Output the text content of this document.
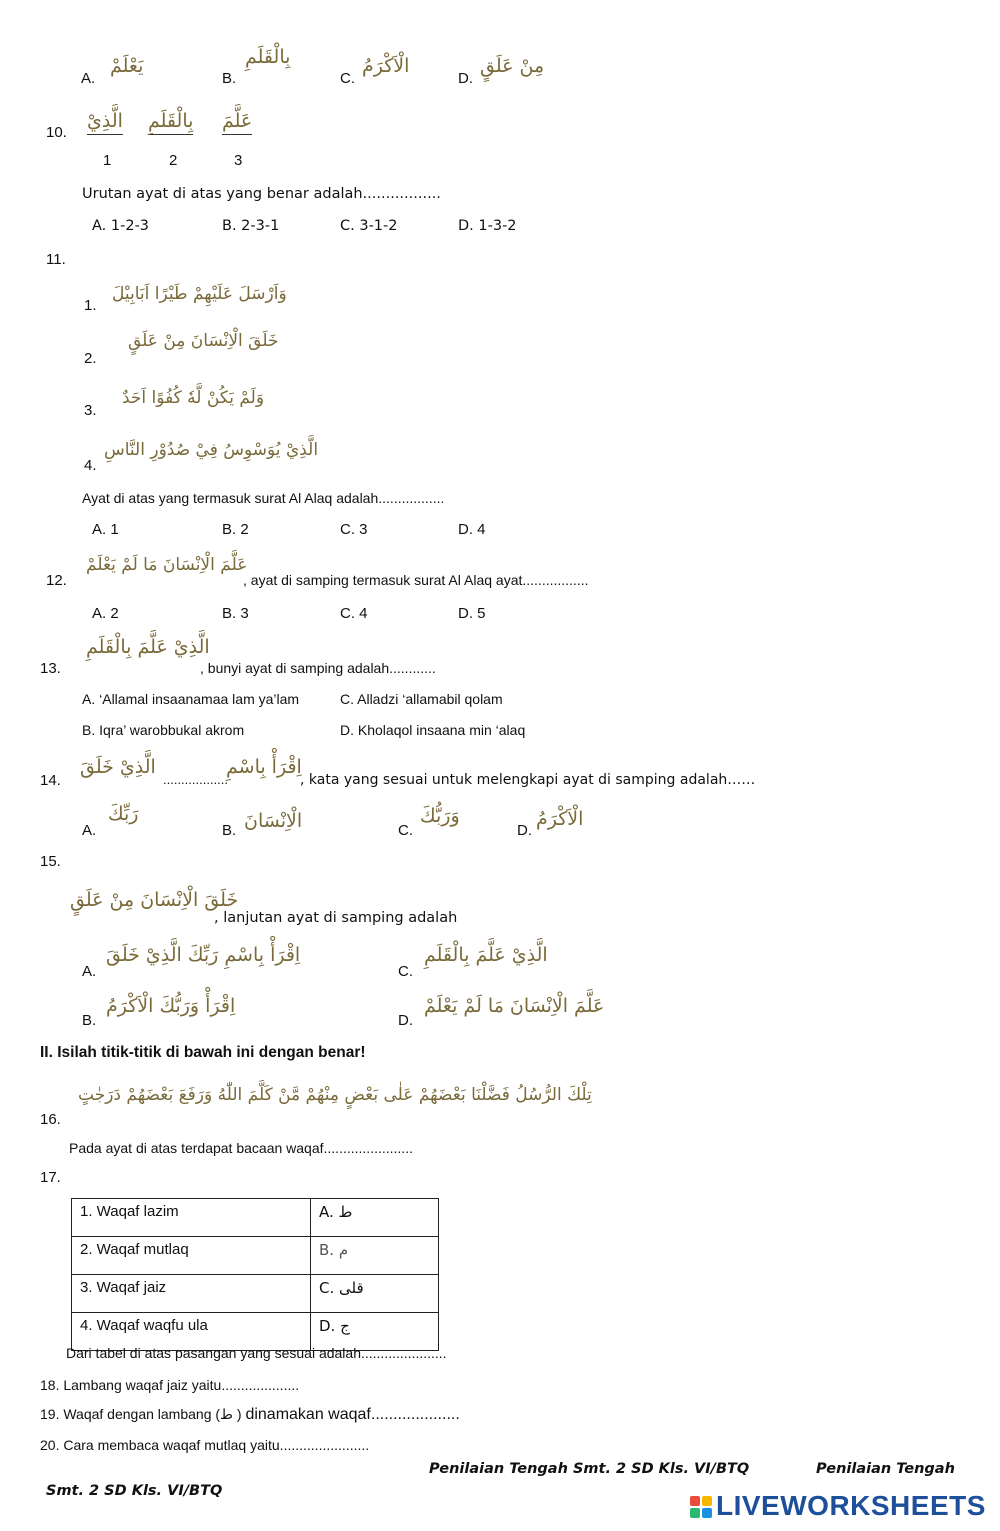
A.
يَعْلَمْ
B.
بِالْقَلَمِ
C.
الْاَكْرَمُ
D.
مِنْ عَلَقٍ
10.
الَّذِيْ بِالْقَلَمِ عَلَّمَ
1	2	3
Urutan ayat di atas yang benar adalah.................
A. 1-2-3	B. 2-3-1	C. 3-1-2	D. 1-3-2
11.
1.
وَاَرْسَلَ عَلَيْهِمْ طَيْرًا اَبَابِيْلَ
2.
خَلَقَ الْاِنْسَانَ مِنْ عَلَقٍ
3.
وَلَمْ يَكُنْ لَّهٗ كُفُوًا اَحَدٌ
4.
الَّذِيْ يُوَسْوِسُ فِيْ صُدُوْرِ النَّاسِ
Ayat di atas yang termasuk surat Al Alaq adalah.................
A. 1	B. 2	C. 3	D. 4
12.
عَلَّمَ الْاِنْسَانَ مَا لَمْ يَعْلَمْ
, ayat di samping termasuk surat Al Alaq ayat.................
A. 2	B. 3	C. 4	D. 5
13.
الَّذِيْ عَلَّمَ بِالْقَلَمِ
, bunyi ayat di samping adalah............
A. ‘Allamal insaanamaa lam ya’lam	C. Alladzi ‘allamabil qolam
B. Iqra’ warobbukal akrom	D. Kholaqol insaana min ‘alaq
14.
الَّذِيْ خَلَقَ
..................
اِقْرَأْ بِاسْمِ
, kata yang sesuai untuk melengkapi ayat di samping adalah……
A.
رَبِّكَ
B. الْاِنْسَانَ	C.
وَرَبُّكَ
D.
الْاَكْرَمُ
15.
خَلَقَ الْاِنْسَانَ مِنْ عَلَقٍ
, lanjutan ayat di samping adalah
A.
اِقْرَأْ بِاسْمِ رَبِّكَ الَّذِيْ خَلَقَ
C.
الَّذِيْ عَلَّمَ بِالْقَلَمِ
B.
اِقْرَأْ وَرَبُّكَ الْاَكْرَمُ
D.
عَلَّمَ الْاِنْسَانَ مَا لَمْ يَعْلَمْ
II. Isilah titik-titik di bawah ini dengan benar!
16.
تِلْكَ الرُّسُلُ فَضَّلْنَا بَعْضَهُمْ عَلٰى بَعْضٍ مِنْهُمْ مَّنْ كَلَّمَ اللّٰهُ وَرَفَعَ بَعْضَهُمْ دَرَجٰتٍ
Pada ayat di atas terdapat bacaan waqaf.......................
17.
1. Waqaf lazim	A. ط
2. Waqaf mutlaq	B. م
3. Waqaf jaiz	C. قلى
4. Waqaf waqfu ula	D. ج
Dari tabel di atas pasangan yang sesuai adalah......................
18. Lambang waqaf jaiz yaitu....................
19. Waqaf dengan lambang (ط ) dinamakan waqaf....................
20. Cara membaca waqaf mutlaq yaitu.......................
Penilaian Tengah Smt. 2 SD Kls. VI/BTQ	Penilaian Tengah
Smt. 2 SD Kls. VI/BTQ	LIVEWORKSHEETS
